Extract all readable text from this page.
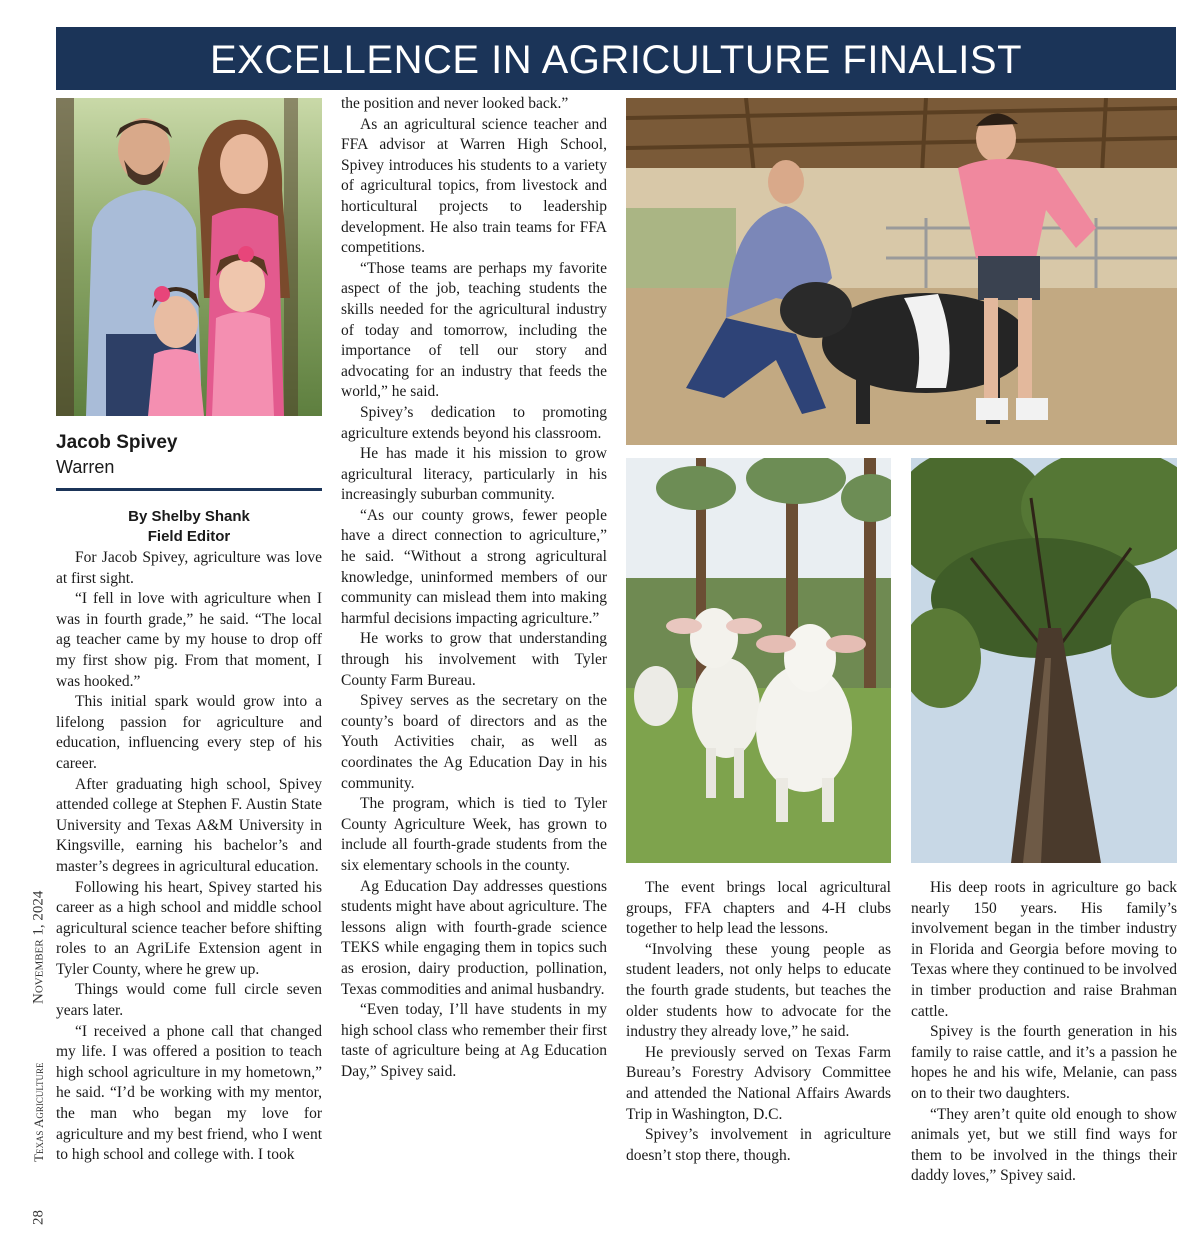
EXCELLENCE IN AGRICULTURE FINALIST
Jacob Spivey
Warren
By Shelby Shank
Field Editor
November 1, 2024
Texas Agriculture
28

For Jacob Spivey, agriculture was love at first sight.

“I fell in love with agriculture when I was in fourth grade,” he said. “The local ag teacher came by my house to drop off my first show pig. From that moment, I was hooked.”

This initial spark would grow into a lifelong passion for agriculture and education, influencing every step of his career.

After graduating high school, Spivey attended college at Stephen F. Austin State University and Texas A&M University in Kingsville, earning his bachelor’s and master’s degrees in agricultural education.

Following his heart, Spivey started his career as a high school and middle school agricultural science teacher before shifting roles to an AgriLife Extension agent in Tyler County, where he grew up.

Things would come full circle seven years later.

“I received a phone call that changed my life. I was offered a position to teach high school agriculture in my hometown,” he said. “I’d be working with my mentor, the man who began my love for agriculture and my best friend, who I went to high school and college with. I took

the position and never looked back.”

As an agricultural science teacher and FFA advisor at Warren High School, Spivey introduces his students to a variety of agricultural topics, from livestock and horticultural projects to leadership development. He also train teams for FFA competitions.

“Those teams are perhaps my favorite aspect of the job, teaching students the skills needed for the agricultural industry of today and tomorrow, including the importance of tell our story and advocating for an industry that feeds the world,” he said.

Spivey’s dedication to promoting agriculture extends beyond his classroom.

He has made it his mission to grow agricultural literacy, particularly in his increasingly suburban community.

“As our county grows, fewer people have a direct connection to agriculture,” he said. “Without a strong agricultural knowledge, uninformed members of our community can mislead them into making harmful decisions impacting agriculture.”

He works to grow that understanding through his involvement with Tyler County Farm Bureau.

Spivey serves as the secretary on the county’s board of directors and as the Youth Activities chair, as well as coordinates the Ag Education Day in his community.

The program, which is tied to Tyler County Agriculture Week, has grown to include all fourth-grade students from the six elementary schools in the county.

Ag Education Day addresses questions students might have about agriculture. The lessons align with fourth-grade science TEKS while engaging them in topics such as erosion, dairy production, pollination, Texas commodities and animal husbandry.

“Even today, I’ll have students in my high school class who remember their first taste of agriculture being at Ag Education Day,” Spivey said.

The event brings local agricultural groups, FFA chapters and 4-H clubs together to help lead the lessons.

“Involving these young people as student leaders, not only helps to educate the fourth grade students, but teaches the older students how to advocate for the industry they already love,” he said.

He previously served on Texas Farm Bureau’s Forestry Advisory Committee and attended the National Affairs Awards Trip in Washington, D.C.

Spivey’s involvement in agriculture doesn’t stop there, though.

His deep roots in agriculture go back nearly 150 years. His family’s involvement began in the timber industry in Florida and Georgia before moving to Texas where they continued to be involved in timber production and raise Brahman cattle.

Spivey is the fourth generation in his family to raise cattle, and it’s a passion he hopes he and his wife, Melanie, can pass on to their two daughters.

“They aren’t quite old enough to show animals yet, but we still find ways for them to be involved in the things their daddy loves,” Spivey said.
